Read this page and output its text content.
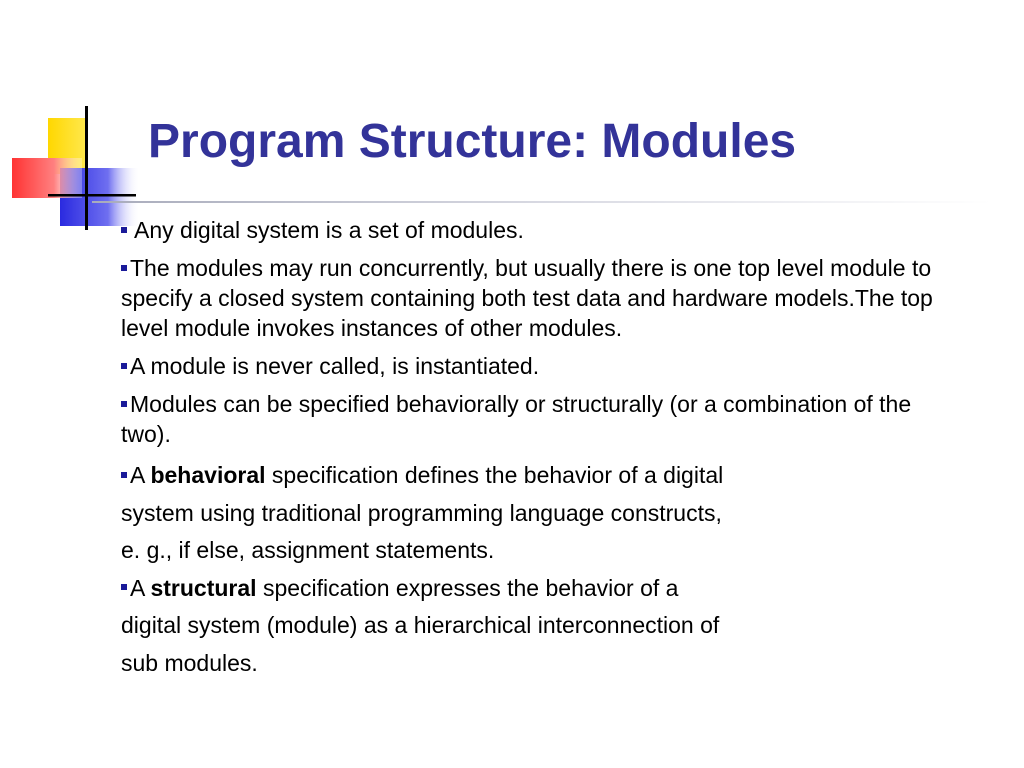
Program Structure: Modules

Any digital system is a set of modules.

The modules may run concurrently, but usually there is one top level module to specify a closed system containing both test data and hardware models.The top level module invokes instances of other modules.

A module is never called, is instantiated.

Modules can be specified behaviorally or structurally (or a combination of the two).

A behavioral specification defines the behavior of a digital
system using traditional programming language constructs,
e. g., if else, assignment statements.

A structural specification expresses the behavior of a
digital system (module) as a hierarchical interconnection of
sub modules.
